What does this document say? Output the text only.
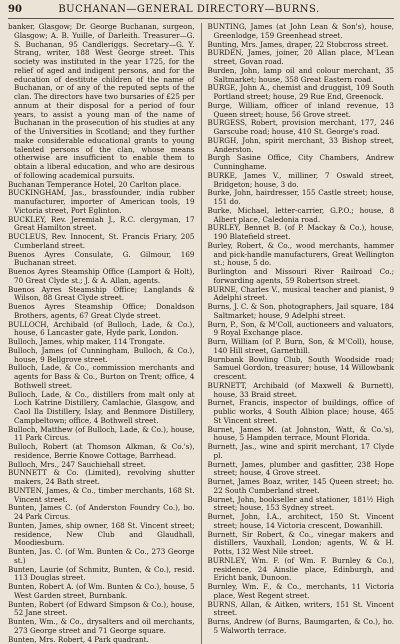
90	BUCHANAN—GENERAL DIRECTORY—BURNS.

banker, Glasgow; Dr. George Buchanan, surgeon, Glasgow; A. B. Yuille, of Darleith. Treasurer—G. S. Buchanan, 95 Candleriggs. Secretary—G. Y. Strang, writer, 188 West George street. This society was instituted in the year 1725, for the relief of aged and indigent persons, and for the education of destitute children of the name of Buchanan, or of any of the reputed septs of the clan. The directors have two bursaries of £25 per annum at their disposal for a period of four years, to assist a young man of the name of Buchanan in the prosecution of his studies at any of the Universities in Scotland; and they further make considerable educational grants to young talented persons of the clan, whose means otherwise are insufficient to enable them to obtain a liberal education, and who are desirous of following academical pursuits.

Buchanan Temperance Hotel, 20 Carlton place.

BUCKINGHAM, Jas., brassfounder, india rubber manufacturer, importer of American tools, 19 Victoria street, Port Eglinton.

BUCKLEY, Rev. Jeremiah J., R.C. clergyman, 17 Great Hamilton street.

BUCLEUS, Rev. Innocent, St. Francis Friary, 205 Cumberland street.

Buenos Ayres Consulate, G. Gilmour, 169 Buchanan street.

Buenos Ayres Steamship Office (Lamport & Holt), 70 Great Clyde st.; J. & A. Allan, agents.

Buenos Ayres Steamship Office; Langlands & Wilson, 88 Great Clyde street.

Buenos Ayres Steamship Office; Donaldson Brothers, agents, 67 Great Clyde street.

BULLOCH, Archibald (of Bulloch, Lade, & Co.), house, 6 Lancaster gate, Hyde park, London.

Bulloch, James, whip maker, 114 Trongate.

Bulloch, James (of Cunningham, Bulloch, & Co.), house, 9 Bellgrove street.

Bulloch, Lade, & Co., commission merchants and agents for Bass & Co., Burton on Trent; office, 4 Bothwell street.

Bulloch, Lade, & Co., distillers from malt only at Loch Katrine Distillery, Camlachie, Glasgow, and Caol Ila Distillery, Islay, and Benmore Distillery, Campbeltown; office, 4 Bothwell street.

Bulloch, Matthew (of Bulloch, Lade, & Co.), house, 11 Park Circus.

Bulloch, Robert (at Thomson Alkman, & Co.'s), residence, Berrie Knowe Cottage, Barrhead.

Bulloch, Mrs., 247 Sauchiehall street.

BUNNETT & Co. (Limited), revolving shutter makers, 24 Bath street.

BUNTEN, James, & Co., timber merchants, 168 St. Vincent street.

Bunten, James C. (of Anderston Foundry Co.), bo. 24 Park Circus.

Bunten, James, ship owner, 168 St. Vincent street; residence, New Club and Glaudhall, Moodiesburn.

Bunten, Jas. C. (of Wm. Bunten & Co., 273 George st.)

Bunten, Laurie (of Schmitz, Bunten, & Co.), resid. 113 Douglas street.

Bunten, Robert A. (of Wm. Bunten & Co.), house, 5 West Garden street, Burnbank.

Bunten, Robert (of Edward Simpson & Co.), house, 52 Jane street.

Bunten, Wm., & Co., drysalters and oil merchants, 273 George street and 71 George square.

Bunten, Mrs. Robert, 4 Park quadrant.

BUNTING, James (at John Lean & Son's), house, Greenlodge, 159 Greenhead street.

Bunting, Mrs. James, draper, 22 Stobcross street.

BURDEN, James, joiner, 20 Allan place, M'Lean street, Govan road.

Burden, John, lamp oil and colour merchant, 35 Saltmarket; house, 358 Great Eastern road.

BURGE, John A., chemist and druggist, 109 South Portland street; house, 29 Rue End, Greenock.

Burge, William, officer of inland revenue, 13 Queen street; house, 56 Grove street.

BURGESS, Robert, provision merchant, 177, 246 Garscube road; house, 410 St. George's road.

BURGH, John, spirit merchant, 33 Bishop street, Anderston.

Burgh Sasine Office, City Chambers, Andrew Cunninghame.

BURKE, James V., milliner, 7 Oswald street, Bridgeton; house, 3 do.

Burke, John, hairdresser, 155 Castle street; house, 151 do.

Burke, Michael, letter-carrier, G.P.O.; house, 8 Albert place, Caledonia road.

BURLEY, Bennet B. (of P. Mackay & Co.), house, 190 Blatefield street.

Burley, Robert, & Co., wood merchants, hammer and pick-handle manufacturers, Great Wellington st.; house, 5 do.

Burlington and Missouri River Railroad Co.; forwarding agents, 59 Robertson street.

BURNE, Charles V., musical teacher and pianist, 9 Adelphi street.

Burns, J. C. & Son, photographers, Jail square, 184 Saltmarket; house, 9 Adelphi street.

Burn, P., Son, & M'Coll, auctioneers and valuators, 9 Royal Exchange place.

Burn, William (of P. Burn, Son, & M'Coll), house, 140 Hill street, Garnethill.

Burnbank Bowling Club, South Woodside road; Samuel Gordon, treasurer; house, 14 Willowbank crescent.

BURNETT, Archibald (of Maxwell & Burnett), house, 33 Braid street.

Burnet, Francis, inspector of buildings, office of public works, 4 South Albion place; house, 465 St Vincent street.

Burnet, James M. (at Johnston, Watt, & Co.'s), house, 5 Hampden terrace, Mount Florida.

Burnett, Jas., wine and spirit merchant, 17 Clyde pl.

Burnett, James, plumber and gasfitter, 238 Hope street; house, 4 Grove street.

Burnet, James Boaz, writer, 145 Queen street; ho. 22 South Cumberland street.

Burnet, John, bookseller and stationer, 181½ High street; house, 153 Sydney street.

Burnet, John, I.A., architect, 150 St. Vincent street; house, 14 Victoria crescent, Dowanhill.

Burnett, Sir Robert, & Co., vinegar makers and distillers, Vauxhall, London; agents, W. & H. Potts, 132 West Nile street.

BURNLEY, Wm. F. (of Wm. F. Burnley & Co.), residence, 24 Ainslie place, Edinburgh, and Ericht bank, Dunoon.

Burnley, Wm. F., & Co., merchants, 11 Victoria place, West Regent street.

BURNS, Allan, & Aitken, writers, 151 St. Vincent street.

Burns, Andrew (of Burns, Baumgarten, & Co.), ho. 5 Walworth terrace.
